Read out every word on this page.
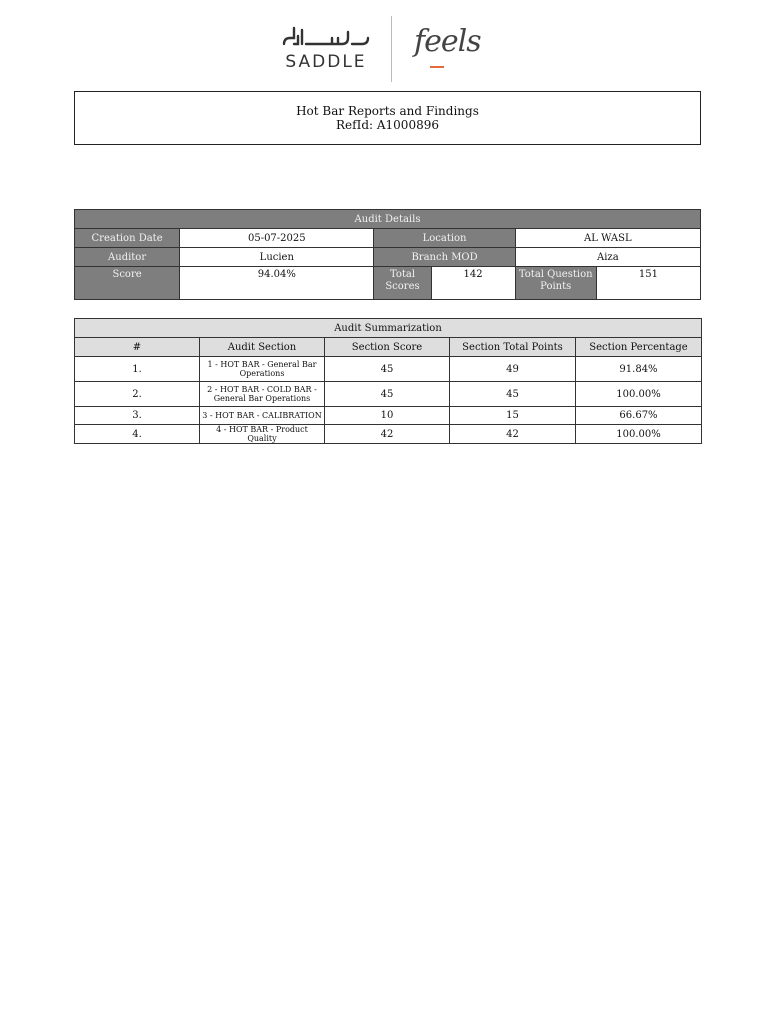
SADDLE
feels
Hot Bar Reports and Findings
RefId: A1000896
Audit Details					
Creation Date	05-07-2025	Location		AL WASL	
Auditor	Lucien	Branch MOD		Aiza	
Score	94.04%	Total Scores	142	Total Question Points	151
Audit Summarization				
#	Audit Section	Section Score	Section Total Points	Section Percentage
1.	1 - HOT BAR - General Bar Operations	45	49	91.84%
2.	2 - HOT BAR - COLD BAR - General Bar Operations	45	45	100.00%
3.	3 - HOT BAR - CALIBRATION	10	15	66.67%
4.	4 - HOT BAR - Product Quality	42	42	100.00%
